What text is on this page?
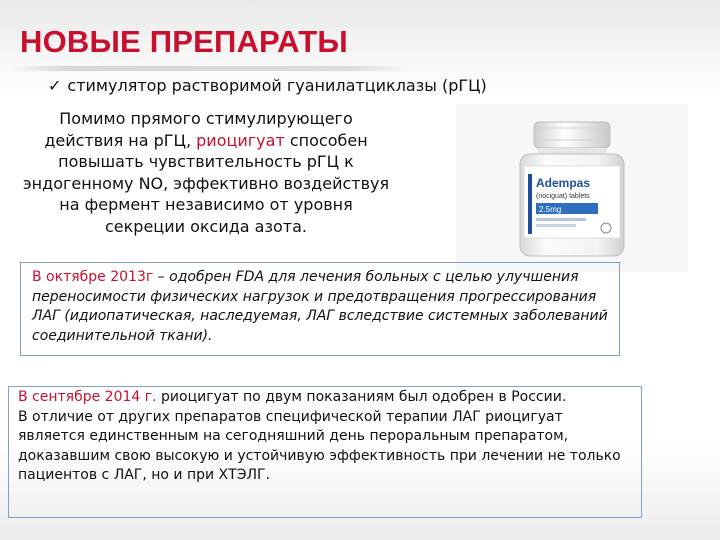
НОВЫЕ ПРЕПАРАТЫ
✓ стимулятор растворимой гуанилатциклазы (рГЦ)
Помимо прямого стимулирующего действия на рГЦ, риоцигуат способен повышать чувствительность рГЦ к эндогенному NO, эффективно воздействуя на фермент независимо от уровня секреции оксида азота.
Adempas
(riociguat) tablets
2.5mg
В октябре 2013г – одобрен FDA для лечения больных с целью улучшения переносимости физических нагрузок и предотвращения прогрессирования ЛАГ (идиопатическая, наследуемая, ЛАГ вследствие системных заболеваний соединительной ткани).

В сентябре 2014 г. риоцигуат по двум показаниям был одобрен в России.

В отличие от других препаратов специфической терапии ЛАГ риоцигуат является единственным на сегодняшний день пероральным препаратом, доказавшим свою высокую и устойчивую эффективность при лечении не только пациентов с ЛАГ, но и при ХТЭЛГ.
